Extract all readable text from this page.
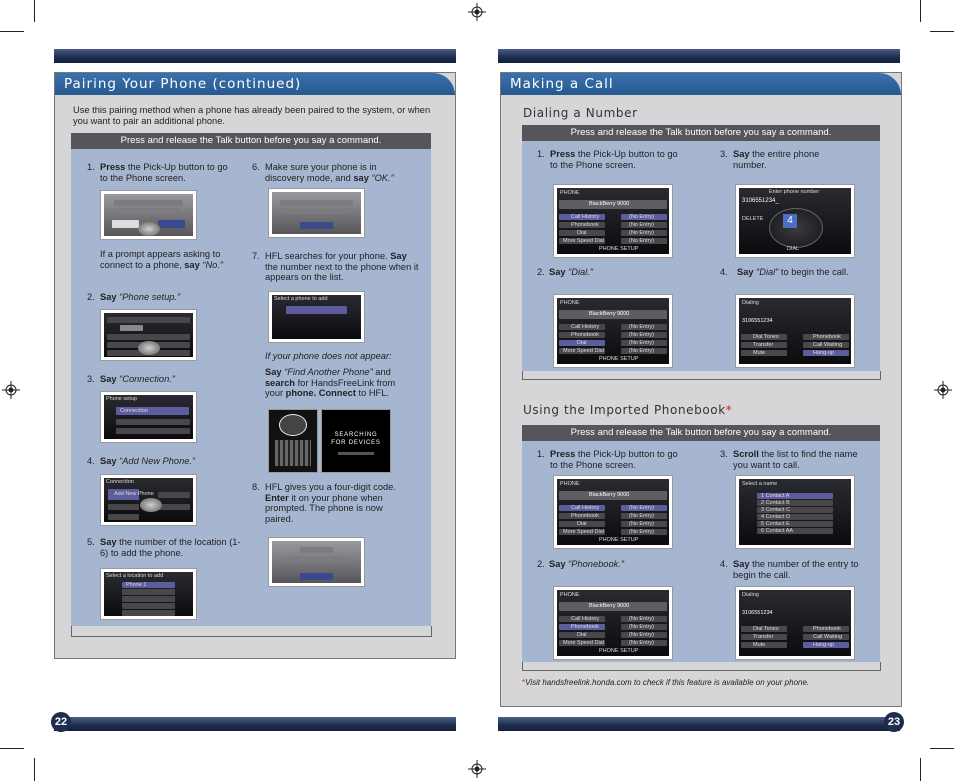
Pairing Your Phone (continued)
Use this pairing method when a phone has already been paired to the system, or when you want to pair an additional phone.
Press and release the Talk button before you say a command.
1. Press the Pick-Up button to go to the Phone screen.
If a prompt appears asking to connect to a phone, say “No.”
2. Say “Phone setup.”
3. Say “Connection.”
Phone setup
Connection
4. Say “Add New Phone.”
Connection
Add New Phone
5. Say the number of the location (1-6) to add the phone.
Select a location to add
Phone 1
6. Make sure your phone is in discovery mode, and say “OK.”
7. HFL searches for your phone. Say the number next to the phone when it appears on the list.
Select a phone to add
If your phone does not appear:
Say “Find Another Phone” and search for HandsFreeLink from your phone. Connect to HFL.
SEARCHING
FOR DEVICES
8. HFL gives you a four-digit code. Enter it on your phone when prompted. The phone is now paired.
22
Making a Call
Dialing a Number
Press and release the Talk button before you say a command.
1. Press the Pick-Up button to go to the Phone screen.
PHONE
BlackBerry 9000
Call History
Phonebook
Dial
More Speed Dial
(No Entry)
(No Entry)
(No Entry)
(No Entry)
PHONE SETUP
3. Say the entire phone number.
Enter phone number
3106551234_
DELETE	4
DIAL
2. Say “Dial.”
PHONE
BlackBerry 9000
Call History
Phonebook
Dial
More Speed Dial
(No Entry)
(No Entry)
(No Entry)
(No Entry)
PHONE SETUP
4. Say “Dial” to begin the call.
Dialing
3106551234
Dial Tones	Phonebook
Transfer	Call Waiting
Mute	Hang-up
Using the Imported Phonebook*
Press and release the Talk button before you say a command.
1. Press the Pick-Up button to go to the Phone screen.
PHONE
BlackBerry 9000
Call History
Phonebook
Dial
More Speed Dial
(No Entry)
(No Entry)
(No Entry)
(No Entry)
PHONE SETUP
3. Scroll the list to find the name you want to call.
Select a name
1 Contact A
2 Contact B
3 Contact C
4 Contact D
5 Contact E
6 Contact AA
2. Say “Phonebook.”
PHONE
BlackBerry 9000
Call History
Phonebook
Dial
More Speed Dial
(No Entry)
(No Entry)
(No Entry)
(No Entry)
PHONE SETUP
4. Say the number of the entry to begin the call.
Dialing
3106551234
Dial Tones	Phonebook
Transfer	Call Waiting
Mute	Hang-up
*Visit handsfreelink.honda.com to check if this feature is available on your phone.
23
